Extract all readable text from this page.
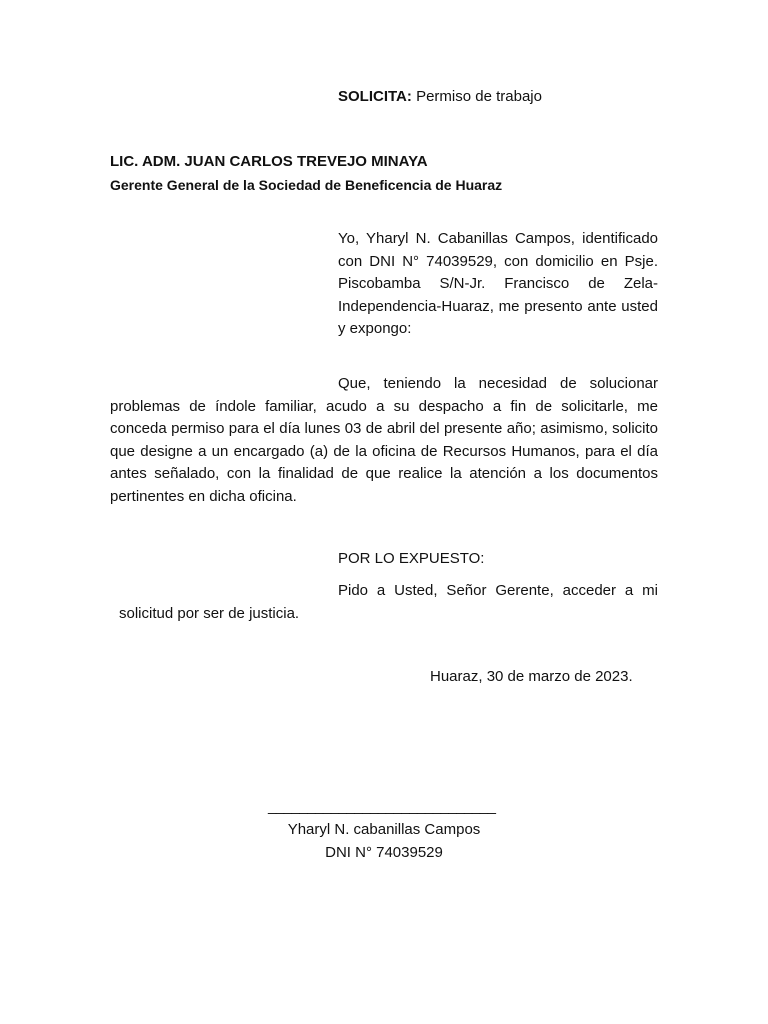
SOLICITA: Permiso de trabajo
LIC. ADM. JUAN CARLOS TREVEJO MINAYA
Gerente General de la Sociedad de Beneficencia de Huaraz
Yo, Yharyl N. Cabanillas Campos, identificado con DNI N° 74039529, con domicilio en Psje. Piscobamba S/N-Jr. Francisco de Zela-Independencia-Huaraz, me presento ante usted y expongo:
Que, teniendo la necesidad de solucionar problemas de índole familiar, acudo a su despacho a fin de solicitarle, me conceda permiso para el día lunes 03 de abril del presente año; asimismo, solicito que designe a un encargado (a) de la oficina de Recursos Humanos, para el día antes señalado, con la finalidad de que realice la atención a los documentos pertinentes en dicha oficina.
POR LO EXPUESTO:
Pido a Usted, Señor Gerente, acceder a mi
solicitud por ser de justicia.
Huaraz, 30 de marzo de 2023.
_____________________________
Yharyl N. cabanillas Campos
DNI N° 74039529
